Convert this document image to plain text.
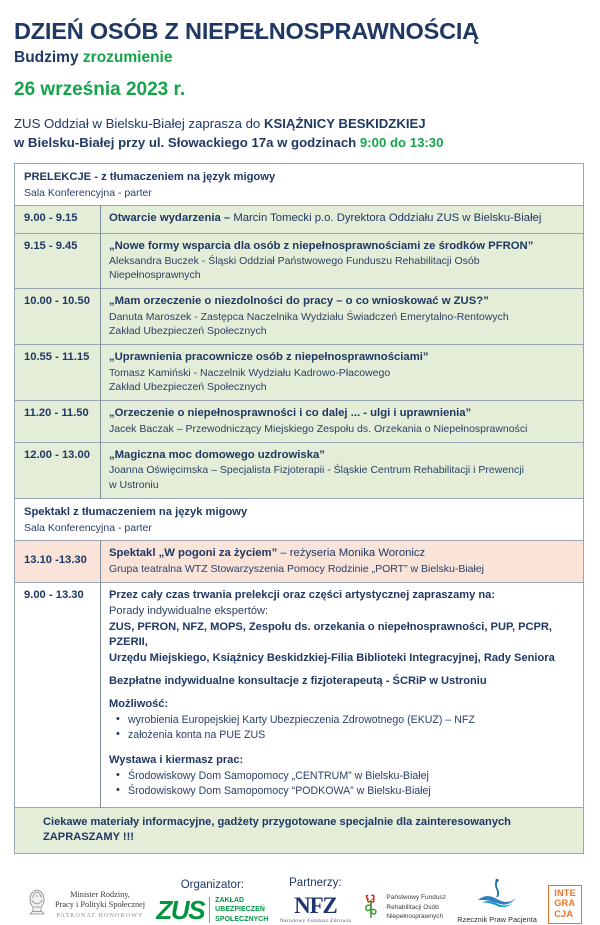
DZIEŃ OSÓB Z NIEPEŁNOSPRAWNOŚCIĄ
Budzimy zrozumienie
26 września 2023 r.
ZUS Oddział w Bielsku-Białej zaprasza do KSIĄŻNICY BESKIDZKIEJ
w Bielsku-Białej przy ul. Słowackiego 17a w godzinach 9:00 do 13:30
PRELEKCJE - z tłumaczeniem na język migowy
Sala Konferencyjna - parter	

9.00 - 9.15	Otwarcie wydarzenia – Marcin Tomecki p.o. Dyrektora Oddziału ZUS w Bielsku-Białej

9.15 - 9.45	„Nowe formy wsparcia dla osób z niepełnosprawnościami ze środków PFRON”
Aleksandra Buczek - Śląski Oddział Państwowego Funduszu Rehabilitacji Osób
Niepełnosprawnych

10.00 - 10.50	„Mam orzeczenie o niezdolności do pracy – o co wnioskować w ZUS?”
Danuta Maroszek - Zastępca Naczelnika Wydziału Świadczeń Emerytalno-Rentowych
Zakład Ubezpieczeń Społecznych

10.55 - 11.15	„Uprawnienia pracownicze osób z niepełnosprawnościami”
Tomasz Kamiński - Naczelnik Wydziału Kadrowo-Płacowego
Zakład Ubezpieczeń Społecznych

11.20 - 11.50	„Orzeczenie o niepełnosprawności i co dalej ... - ulgi i uprawnienia”
Jacek Baczak – Przewodniczący Miejskiego Zespołu ds. Orzekania o Niepełnosprawności

12.00 - 13.00	„Magiczna moc domowego uzdrowiska”
Joanna Oświęcimska – Specjalista Fizjoterapii - Śląskie Centrum Rehabilitacji i Prewencji
w Ustroniu

Spektakl z tłumaczeniem na język migowy
Sala Konferencyjna - parter	

13.10 -13.30	Spektakl „W pogoni za życiem” – reżyseria Monika Woronicz
Grupa teatralna WTZ Stowarzyszenia Pomocy Rodzinie „PORT” w Bielsku-Białej

9.00 - 13.30	Przez cały czas trwania prelekcji oraz części artystycznej zapraszamy na:
Porady indywidualne ekspertów:
ZUS, PFRON, NFZ, MOPS, Zespołu ds. orzekania o niepełnosprawności, PUP, PCPR, PZERII,
Urzędu Miejskiego, Książnicy Beskidzkiej-Filia Biblioteki Integracyjnej, Rady Seniora
Bezpłatne indywidualne konsultacje z fizjoterapeutą - ŚCRiP w Ustroniu
Możliwość:
• wyrobienia Europejskiej Karty Ubezpieczenia Zdrowotnego (EKUZ) – NFZ
• założenia konta na PUE ZUS
Wystawa i kiermasz prac:
• Środowiskowy Dom Samopomocy „CENTRUM” w Bielsku-Białej
• Środowiskowy Dom Samopomocy “PODKOWA” w Bielsku-Białej

Ciekawe materiały informacyjne, gadżety przygotowane specjalnie dla zainteresowanych
ZAPRASZAMY !!!	
Minister Rodziny,
Pracy i Polityki Społecznej
PATRONAT HONOROWY
Organizator:
ZUS ZAKŁAD
UBEZPIECZEŃ
SPOŁECZNYCH
Partnerzy:
NFZ
Narodowy Fundusz Zdrowia
Państwowy Fundusz
Rehabilitacji Osób
Niepełnosprawnych	Rzecznik Praw Pacjenta
INTE
GRA
CJA
